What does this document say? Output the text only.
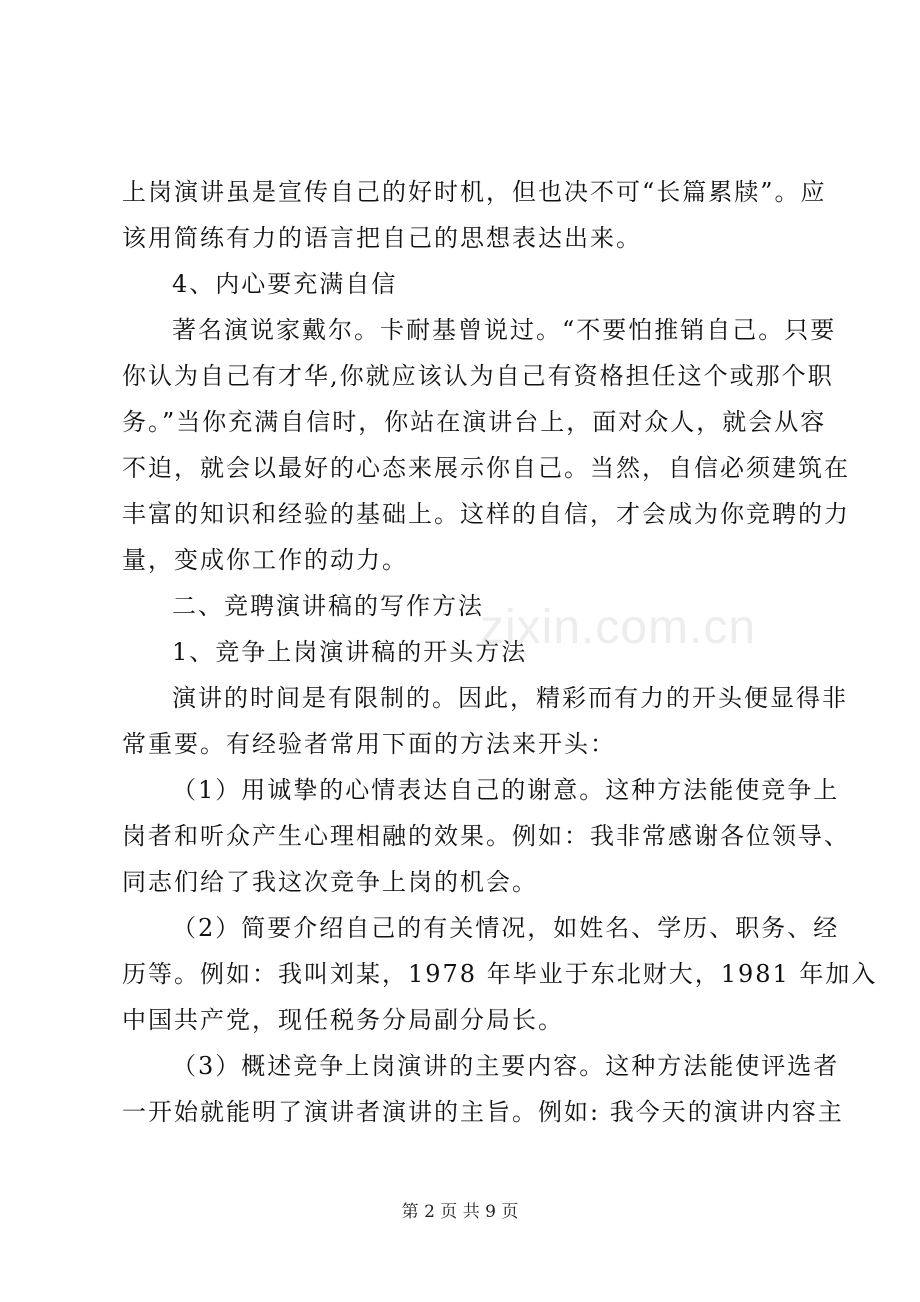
上岗演讲虽是宣传自己的好时机，但也决不可“长篇累牍”。应
该用简练有力的语言把自己的思想表达出来。
4、内心要充满自信
著名演说家戴尔。卡耐基曾说过。“不要怕推销自己。只要
你认为自己有才华,你就应该认为自己有资格担任这个或那个职
务。”当你充满自信时，你站在演讲台上，面对众人，就会从容
不迫，就会以最好的心态来展示你自己。当然，自信必须建筑在
丰富的知识和经验的基础上。这样的自信，才会成为你竞聘的力
量，变成你工作的动力。
二、竞聘演讲稿的写作方法
1、竞争上岗演讲稿的开头方法
演讲的时间是有限制的。因此，精彩而有力的开头便显得非
常重要。有经验者常用下面的方法来开头：
（1）用诚挚的心情表达自己的谢意。这种方法能使竞争上
岗者和听众产生心理相融的效果。例如：我非常感谢各位领导、
同志们给了我这次竞争上岗的机会。
（2）简要介绍自己的有关情况，如姓名、学历、职务、经
历等。例如：我叫刘某，1978 年毕业于东北财大，1981 年加入
中国共产党，现任税务分局副分局长。
（3）概述竞争上岗演讲的主要内容。这种方法能使评选者
一开始就能明了演讲者演讲的主旨。例如: 我今天的演讲内容主
zixin.com.cn
第 2 页 共 9 页
